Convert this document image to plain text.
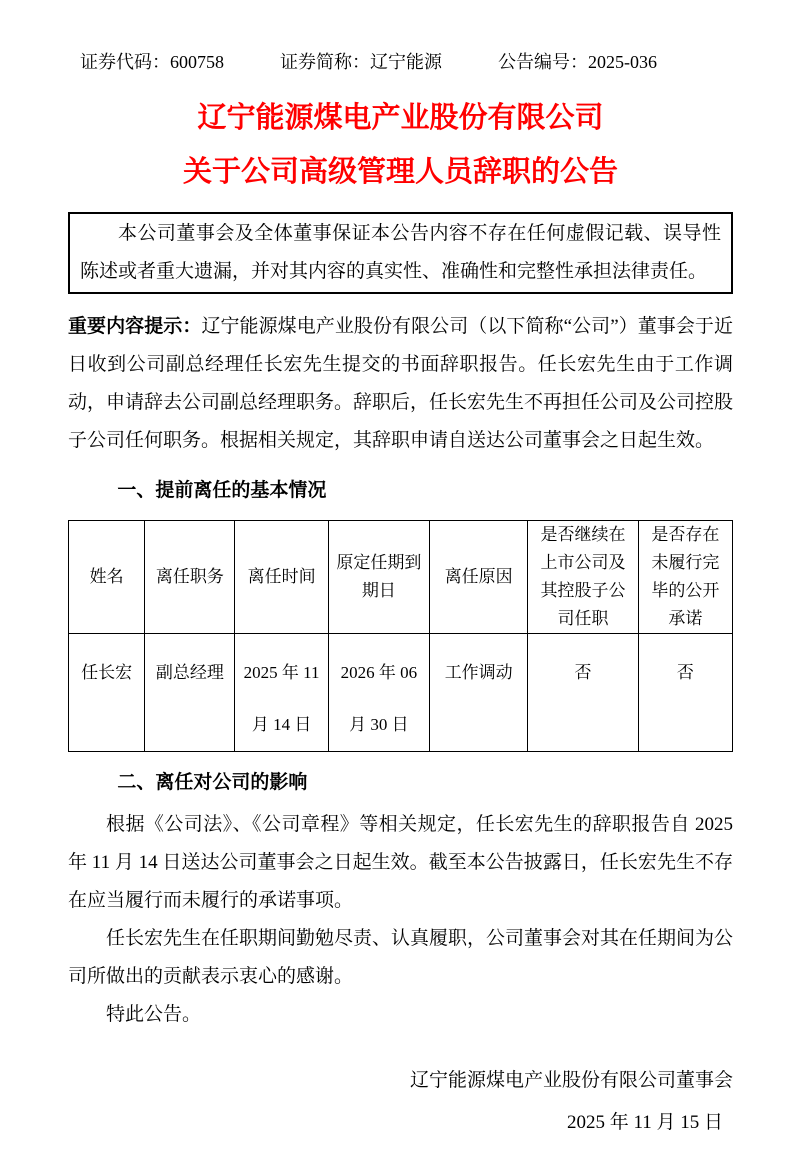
证券代码：600758	证券简称：辽宁能源	公告编号：2025-036
辽宁能源煤电产业股份有限公司
关于公司高级管理人员辞职的公告

本公司董事会及全体董事保证本公告内容不存在任何虚假记载、误导性陈述或者重大遗漏，并对其内容的真实性、准确性和完整性承担法律责任。

重要内容提示：辽宁能源煤电产业股份有限公司（以下简称“公司”）董事会于近日收到公司副总经理任长宏先生提交的书面辞职报告。任长宏先生由于工作调动，申请辞去公司副总经理职务。辞职后，任长宏先生不再担任公司及公司控股子公司任何职务。根据相关规定，其辞职申请自送达公司董事会之日起生效。

一、提前离任的基本情况
姓名	离任职务	离任时间	原定任期到期日	离任原因	是否继续在上市公司及其控股子公司任职	是否存在未履行完毕的公开承诺
任长宏	副总经理	2025 年 11 月 14 日	2026 年 06 月 30 日	工作调动	否	否
二、离任对公司的影响

根据《公司法》、《公司章程》等相关规定，任长宏先生的辞职报告自 2025 年 11 月 14 日送达公司董事会之日起生效。截至本公告披露日，任长宏先生不存在应当履行而未履行的承诺事项。

任长宏先生在任职期间勤勉尽责、认真履职，公司董事会对其在任期间为公司所做出的贡献表示衷心的感谢。

特此公告。

辽宁能源煤电产业股份有限公司董事会
2025 年 11 月 15 日
